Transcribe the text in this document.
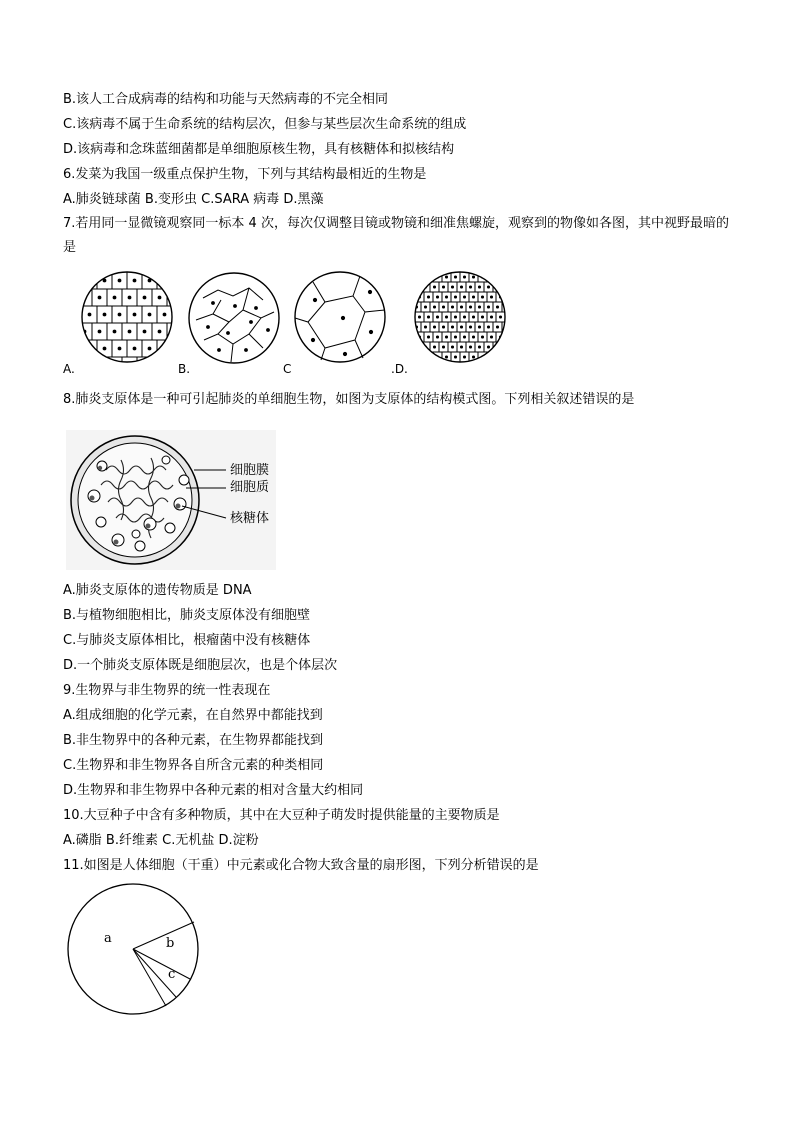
B.该人工合成病毒的结构和功能与天然病毒的不完全相同
C.该病毒不属于生命系统的结构层次，但参与某些层次生命系统的组成
D.该病毒和念珠蓝细菌都是单细胞原核生物，具有核糖体和拟核结构
6.发菜为我国一级重点保护生物，下列与其结构最相近的生物是
A.肺炎链球菌 B.变形虫 C.SARA 病毒 D.黑藻
7.若用同一显微镜观察同一标本 4 次，每次仅调整目镜或物镜和细准焦螺旋，观察到的物像如各图，其中视野最暗的是
A.	B.	C	.D.
8.肺炎支原体是一种可引起肺炎的单细胞生物，如图为支原体的结构模式图。下列相关叙述错误的是
细胞膜
细胞质
核糖体
A.肺炎支原体的遗传物质是 DNA
B.与植物细胞相比，肺炎支原体没有细胞壁
C.与肺炎支原体相比，根瘤菌中没有核糖体
D.一个肺炎支原体既是细胞层次，也是个体层次
9.生物界与非生物界的统一性表现在
A.组成细胞的化学元素，在自然界中都能找到
B.非生物界中的各种元素，在生物界都能找到
C.生物界和非生物界各自所含元素的种类相同
D.生物界和非生物界中各种元素的相对含量大约相同
10.大豆种子中含有多种物质，其中在大豆种子萌发时提供能量的主要物质是
A.磷脂 B.纤维素 C.无机盐 D.淀粉
11.如图是人体细胞（干重）中元素或化合物大致含量的扇形图，下列分析错误的是
a	b
c
